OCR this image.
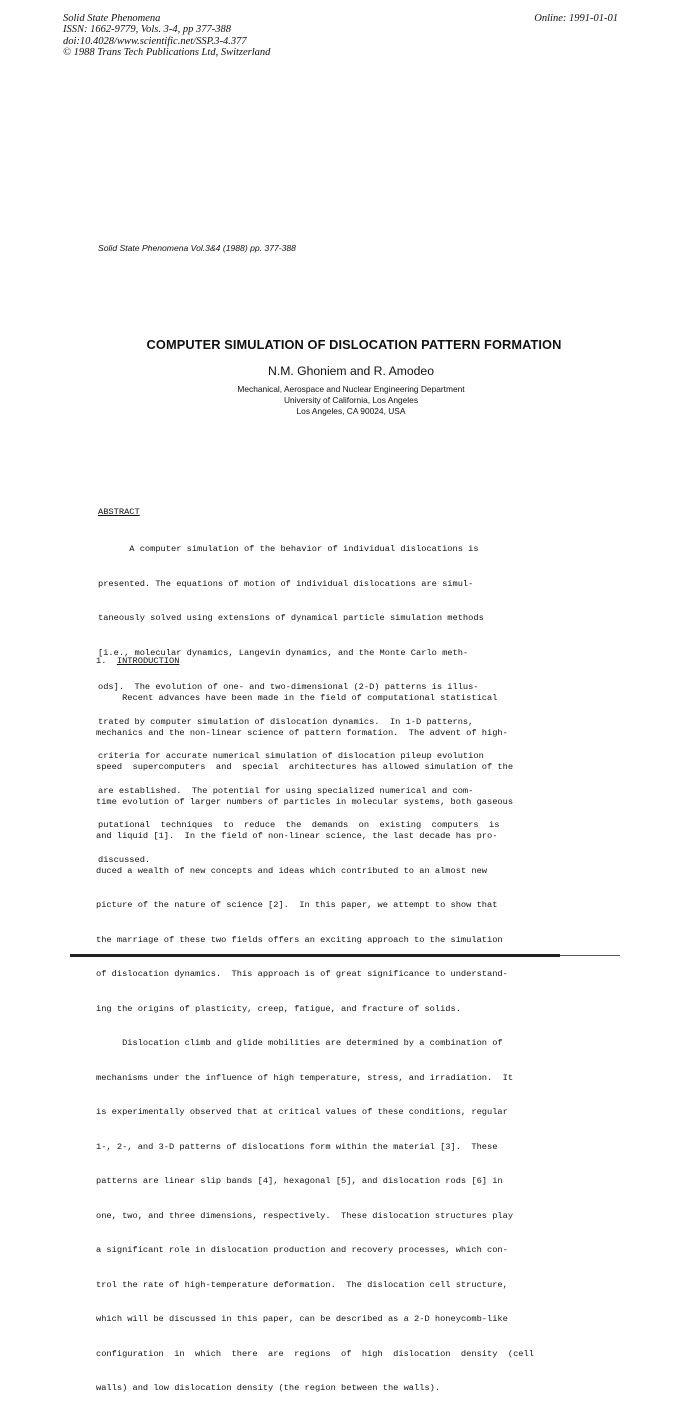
Solid State Phenomena
ISSN: 1662-9779, Vols. 3-4, pp 377-388
doi:10.4028/www.scientific.net/SSP.3-4.377
© 1988 Trans Tech Publications Ltd, Switzerland
Online: 1991-01-01
Solid State Phenomena Vol.3&4 (1988) pp. 377-388
COMPUTER SIMULATION OF DISLOCATION PATTERN FORMATION
N.M. Ghoniem and R. Amodeo
Mechanical, Aerospace and Nuclear Engineering Department
University of California, Los Angeles
Los Angeles, CA 90024, USA
ABSTRACT

A computer simulation of the behavior of individual dislocations is

presented. The equations of motion of individual dislocations are simul-

taneously solved using extensions of dynamical particle simulation methods

[i.e., molecular dynamics, Langevin dynamics, and the Monte Carlo meth-

ods].  The evolution of one- and two-dimensional (2-D) patterns is illus-

trated by computer simulation of dislocation dynamics.  In 1-D patterns,

criteria for accurate numerical simulation of dislocation pileup evolution

are established.  The potential for using specialized numerical and com-

putational  techniques  to  reduce  the  demands  on  existing  computers  is

discussed.

1. INTRODUCTION

Recent advances have been made in the field of computational statistical

mechanics and the non-linear science of pattern formation.  The advent of high-

speed  supercomputers  and  special  architectures has allowed simulation of the

time evolution of larger numbers of particles in molecular systems, both gaseous

and liquid [1].  In the field of non-linear science, the last decade has pro-

duced a wealth of new concepts and ideas which contributed to an almost new

picture of the nature of science [2].  In this paper, we attempt to show that

the marriage of these two fields offers an exciting approach to the simulation

of dislocation dynamics.  This approach is of great significance to understand-

ing the origins of plasticity, creep, fatigue, and fracture of solids.

Dislocation climb and glide mobilities are determined by a combination of

mechanisms under the influence of high temperature, stress, and irradiation.  It

is experimentally observed that at critical values of these conditions, regular

1-, 2-, and 3-D patterns of dislocations form within the material [3].  These

patterns are linear slip bands [4], hexagonal [5], and dislocation rods [6] in

one, two, and three dimensions, respectively.  These dislocation structures play

a significant role in dislocation production and recovery processes, which con-

trol the rate of high-temperature deformation.  The dislocation cell structure,

which will be discussed in this paper, can be described as a 2-D honeycomb-like

configuration  in  which  there  are  regions  of  high  dislocation  density  (cell

walls) and low dislocation density (the region between the walls).
